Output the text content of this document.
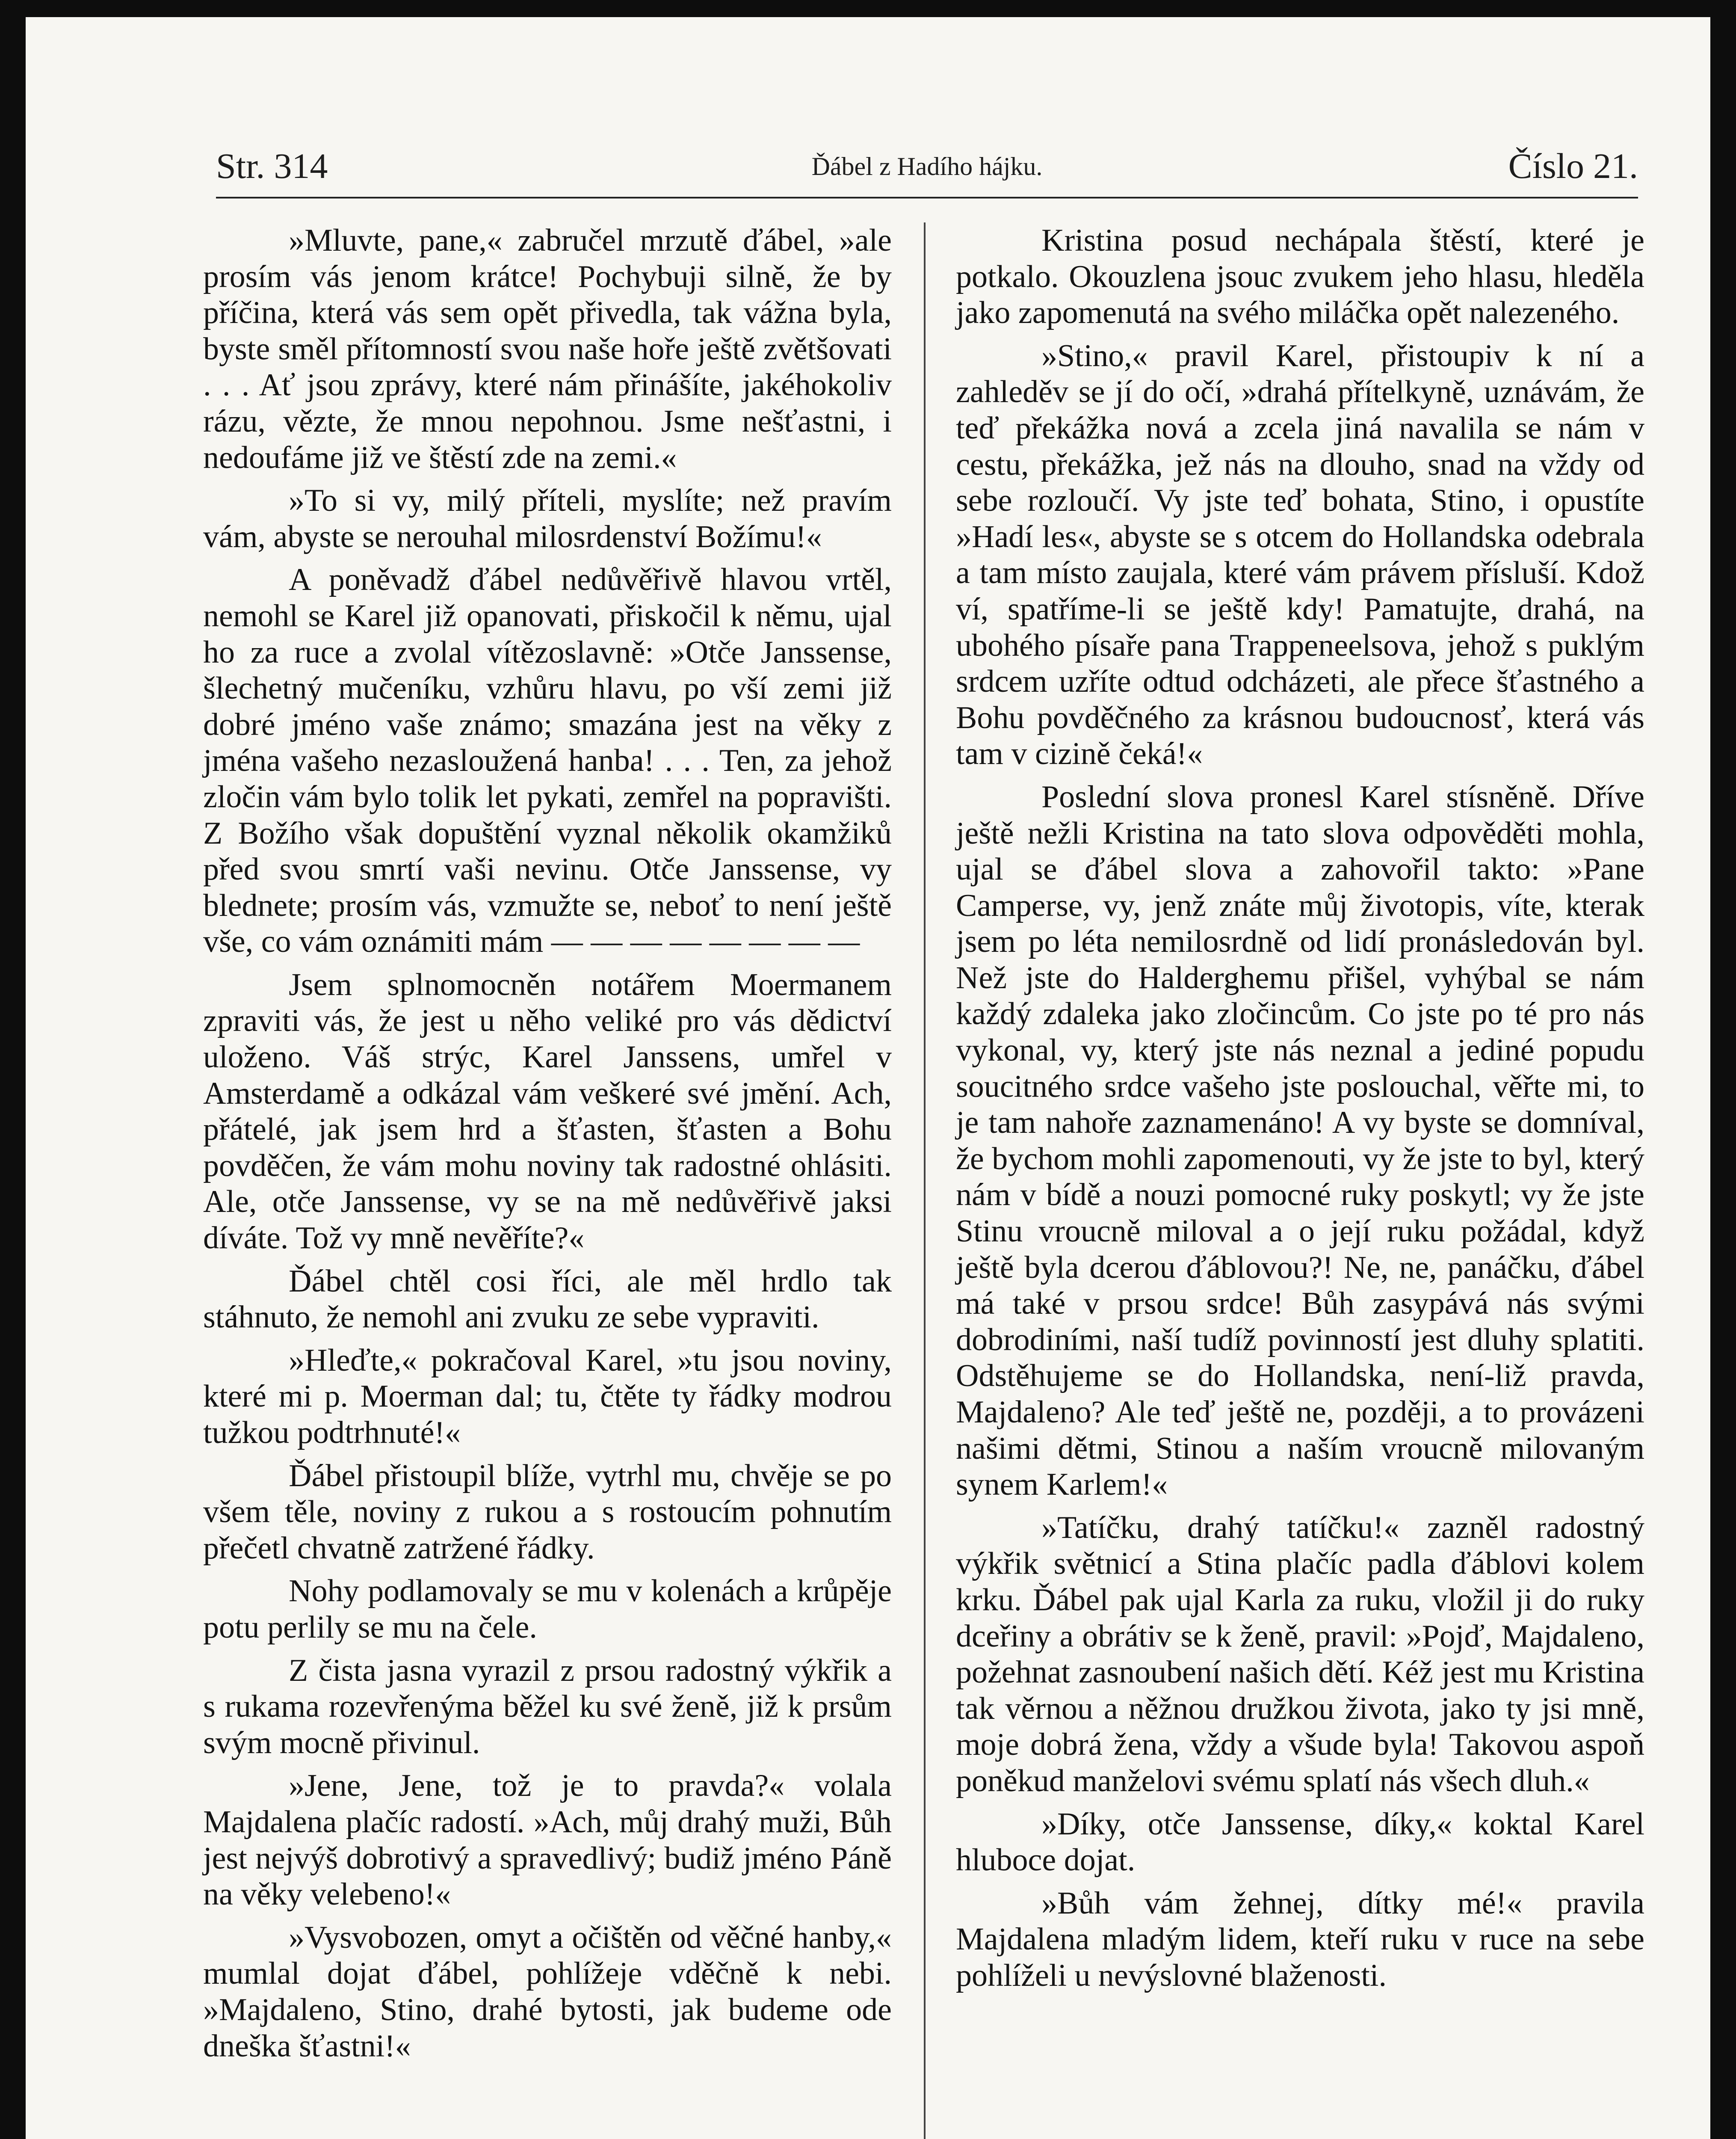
Str. 314	Ďábel z Hadího hájku.	Číslo 21.

»Mluvte, pane,« zabručel mrzutě ďábel, »ale prosím vás jenom krátce! Pochybuji silně, že by příčina, která vás sem opět přivedla, tak vážna byla, byste směl přítomností svou naše hoře ještě zvětšovati . . . Ať jsou zprávy, které nám přinášíte, jakéhokoliv rázu, vězte, že mnou nepohnou. Jsme nešťastni, i nedoufáme již ve štěstí zde na zemi.«

»To si vy, milý příteli, myslíte; než pravím vám, abyste se nerouhal milosrdenství Božímu!«

A poněvadž ďábel nedůvěřivě hlavou vrtěl, nemohl se Karel již opanovati, přiskočil k němu, ujal ho za ruce a zvolal vítězoslavně: »Otče Janssense, šlechetný mučeníku, vzhůru hlavu, po vší zemi již dobré jméno vaše známo; smazána jest na věky z jména vašeho nezasloužená hanba! . . . Ten, za jehož zločin vám bylo tolik let pykati, zemřel na popravišti. Z Božího však dopuštění vyznal několik okamžiků před svou smrtí vaši nevinu. Otče Janssense, vy blednete; prosím vás, vzmužte se, neboť to není ještě vše, co vám oznámiti mám — — — — — — — —

Jsem splnomocněn notářem Moermanem zpraviti vás, že jest u něho veliké pro vás dědictví uloženo. Váš strýc, Karel Janssens, umřel v Amsterdamě a odkázal vám veškeré své jmění. Ach, přátelé, jak jsem hrd a šťasten, šťasten a Bohu povděčen, že vám mohu noviny tak radostné ohlásiti. Ale, otče Janssense, vy se na mě nedůvěřivě jaksi díváte. Tož vy mně nevěříte?«

Ďábel chtěl cosi říci, ale měl hrdlo tak stáhnuto, že nemohl ani zvuku ze sebe vypraviti.

»Hleďte,« pokračoval Karel, »tu jsou noviny, které mi p. Moerman dal; tu, čtěte ty řádky modrou tužkou podtrhnuté!«

Ďábel přistoupil blíže, vytrhl mu, chvěje se po všem těle, noviny z rukou a s rostoucím pohnutím přečetl chvatně zatržené řádky.

Nohy podlamovaly se mu v kolenách a krůpěje potu perlily se mu na čele.

Z čista jasna vyrazil z prsou radostný výkřik a s rukama rozevřenýma běžel ku své ženě, již k prsům svým mocně přivinul.

»Jene, Jene, tož je to pravda?« volala Majdalena plačíc radostí. »Ach, můj drahý muži, Bůh jest nejvýš dobrotivý a spravedlivý; budiž jméno Páně na věky velebeno!«

»Vysvobozen, omyt a očištěn od věčné hanby,« mumlal dojat ďábel, pohlížeje vděčně k nebi. »Majdaleno, Stino, drahé bytosti, jak budeme ode dneška šťastni!«

Kristina posud nechápala štěstí, které je potkalo. Okouzlena jsouc zvukem jeho hlasu, hleděla jako zapomenutá na svého miláčka opět nalezeného.

»Stino,« pravil Karel, přistoupiv k ní a zahleděv se jí do očí, »drahá přítelkyně, uznávám, že teď překážka nová a zcela jiná navalila se nám v cestu, překážka, jež nás na dlouho, snad na vždy od sebe rozloučí. Vy jste teď bohata, Stino, i opustíte »Hadí les«, abyste se s otcem do Hollandska odebrala a tam místo zaujala, které vám právem přísluší. Kdož ví, spatříme-li se ještě kdy! Pamatujte, drahá, na ubohého písaře pana Trappeneelsova, jehož s puklým srdcem uzříte odtud odcházeti, ale přece šťastného a Bohu povděčného za krásnou budoucnosť, která vás tam v cizině čeká!«

Poslední slova pronesl Karel stísněně. Dříve ještě nežli Kristina na tato slova odpověděti mohla, ujal se ďábel slova a zahovořil takto: »Pane Camperse, vy, jenž znáte můj životopis, víte, kterak jsem po léta nemilosrdně od lidí pronásledován byl. Než jste do Halderghemu přišel, vyhýbal se nám každý zdaleka jako zločincům. Co jste po té pro nás vykonal, vy, který jste nás neznal a jediné popudu soucitného srdce vašeho jste poslouchal, věřte mi, to je tam nahoře zaznamenáno! A vy byste se domníval, že bychom mohli zapomenouti, vy že jste to byl, který nám v bídě a nouzi pomocné ruky poskytl; vy že jste Stinu vroucně miloval a o její ruku požádal, když ještě byla dcerou ďáblovou?! Ne, ne, panáčku, ďábel má také v prsou srdce! Bůh zasypává nás svými dobrodiními, naší tudíž povinností jest dluhy splatiti. Odstěhujeme se do Hollandska, není-liž pravda, Majdaleno? Ale teď ještě ne, později, a to provázeni našimi dětmi, Stinou a naším vroucně milovaným synem Karlem!«

»Tatíčku, drahý tatíčku!« zazněl radostný výkřik světnicí a Stina plačíc padla ďáblovi kolem krku. Ďábel pak ujal Karla za ruku, vložil ji do ruky dceřiny a obrátiv se k ženě, pravil: »Pojď, Majdaleno, požehnat zasnoubení našich dětí. Kéž jest mu Kristina tak věrnou a něžnou družkou života, jako ty jsi mně, moje dobrá žena, vždy a všude byla! Takovou aspoň poněkud manželovi svému splatí nás všech dluh.«

»Díky, otče Janssense, díky,« koktal Karel hluboce dojat.

»Bůh vám žehnej, dítky mé!« pravila Majdalena mladým lidem, kteří ruku v ruce na sebe pohlíželi u nevýslovné blaženosti.
